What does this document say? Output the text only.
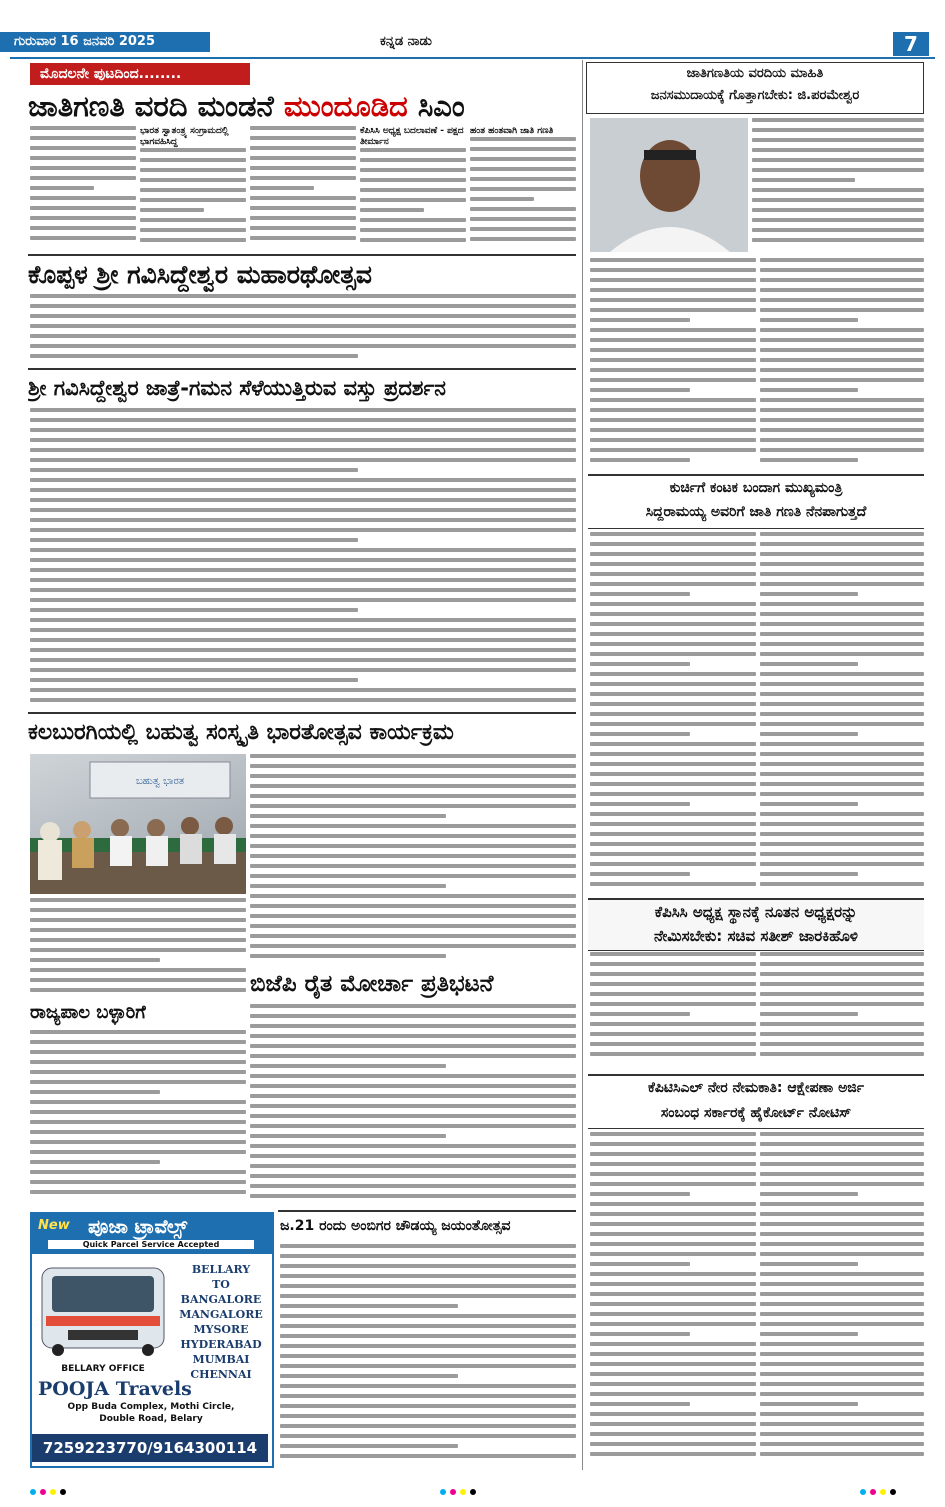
ಗುರುವಾರ 16 ಜನವರಿ 2025	ಕನ್ನಡ ನಾಡು	7
ಮೊದಲನೇ ಪುಟದಿಂದ........
ಜಾತಿಗಣತಿ ವರದಿ ಮಂಡನೆ ಮುಂದೂಡಿದ ಸಿಎಂ
ಭಾರತ ಸ್ವಾತಂತ್ರ್ಯ ಸಂಗ್ರಾಮದಲ್ಲಿ ಭಾಗವಹಿಸಿದ್ದ
ಕೆಪಿಸಿಸಿ ಅಧ್ಯಕ್ಷ ಬದಲಾವಣೆ - ಪಕ್ಷದ ತೀರ್ಮಾನ
ಹಂತ ಹಂತವಾಗಿ ಜಾತಿ ಗಣತಿ
ಕೊಪ್ಪಳ ಶ್ರೀ ಗವಿಸಿದ್ದೇಶ್ವರ ಮಹಾರಥೋತ್ಸವ
ಶ್ರೀ ಗವಿಸಿದ್ದೇಶ್ವರ ಜಾತ್ರೆ-ಗಮನ ಸೆಳೆಯುತ್ತಿರುವ ವಸ್ತು ಪ್ರದರ್ಶನ
ಕಲಬುರಗಿಯಲ್ಲಿ ಬಹುತ್ವ ಸಂಸ್ಕೃತಿ ಭಾರತೋತ್ಸವ ಕಾರ್ಯಕ್ರಮ
ಬಹುತ್ವ ಭಾರತ
ರಾಜ್ಯಪಾಲ ಬಳ್ಳಾರಿಗೆ
ಬಿಜೆಪಿ ರೈತ ಮೋರ್ಚಾ ಪ್ರತಿಭಟನೆ
ಜ.21 ರಂದು ಅಂಬಿಗರ ಚೌಡಯ್ಯ ಜಯಂತೋತ್ಸವ
New ಪೂಜಾ ಟ್ರಾವೆಲ್ಸ್
Quick Parcel Service Accepted
BELLARY
TO
BANGALORE
MANGALORE
MYSORE
HYDERABAD
MUMBAI
CHENNAI
BELLARY OFFICE
POOJA Travels
Opp Buda Complex, Mothi Circle,
Double Road, Belary
7259223770/9164300114
ಜಾತಿಗಣತಿಯ ವರದಿಯ ಮಾಹಿತಿ
ಜನಸಮುದಾಯಕ್ಕೆ ಗೊತ್ತಾಗಬೇಕು: ಜಿ.ಪರಮೇಶ್ವರ
ಕುರ್ಚಿಗೆ ಕಂಟಕ ಬಂದಾಗ ಮುಖ್ಯಮಂತ್ರಿ
ಸಿದ್ದರಾಮಯ್ಯ ಅವರಿಗೆ ಜಾತಿ ಗಣತಿ ನೆನಪಾಗುತ್ತದೆ
ಕೆಪಿಸಿಸಿ ಅಧ್ಯಕ್ಷ ಸ್ಥಾನಕ್ಕೆ ನೂತನ ಅಧ್ಯಕ್ಷರನ್ನು
ನೇಮಿಸಬೇಕು: ಸಚಿವ ಸತೀಶ್ ಜಾರಕಿಹೊಳಿ
ಕೆಪಿಟಿಸಿಎಲ್ ನೇರ ನೇಮಕಾತಿ: ಆಕ್ಷೇಪಣಾ ಅರ್ಜಿ
ಸಂಬಂಧ ಸರ್ಕಾರಕ್ಕೆ ಹೈಕೋರ್ಟ್ ನೋಟಿಸ್
